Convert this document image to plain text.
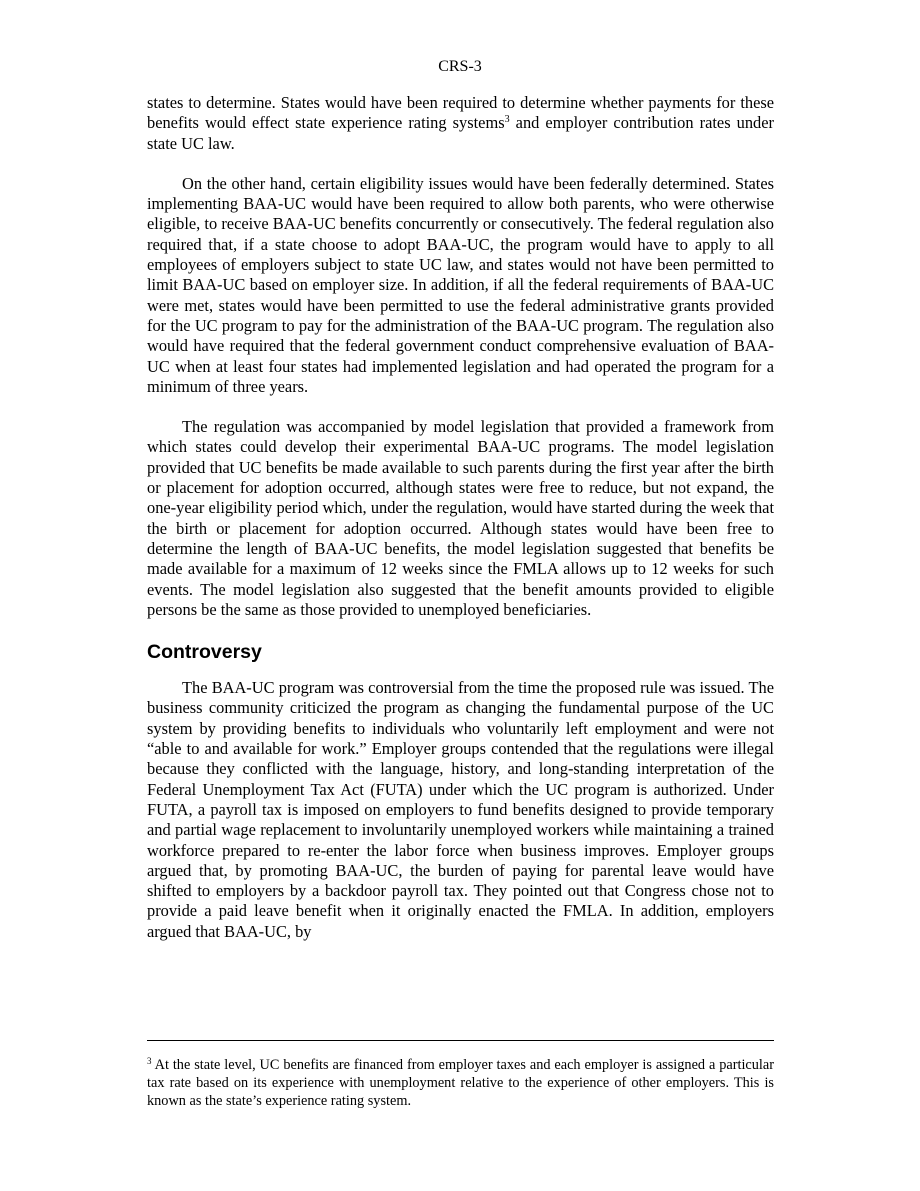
CRS-3

states to determine. States would have been required to determine whether payments for these benefits would effect state experience rating systems$^3$ and employer contribution rates under state UC law.

On the other hand, certain eligibility issues would have been federally determined. States implementing BAA-UC would have been required to allow both parents, who were otherwise eligible, to receive BAA-UC benefits concurrently or consecutively. The federal regulation also required that, if a state choose to adopt BAA-UC, the program would have to apply to all employees of employers subject to state UC law, and states would not have been permitted to limit BAA-UC based on employer size. In addition, if all the federal requirements of BAA-UC were met, states would have been permitted to use the federal administrative grants provided for the UC program to pay for the administration of the BAA-UC program. The regulation also would have required that the federal government conduct comprehensive evaluation of BAA-UC when at least four states had implemented legislation and had operated the program for a minimum of three years.

The regulation was accompanied by model legislation that provided a framework from which states could develop their experimental BAA-UC programs. The model legislation provided that UC benefits be made available to such parents during the first year after the birth or placement for adoption occurred, although states were free to reduce, but not expand, the one-year eligibility period which, under the regulation, would have started during the week that the birth or placement for adoption occurred. Although states would have been free to determine the length of BAA-UC benefits, the model legislation suggested that benefits be made available for a maximum of 12 weeks since the FMLA allows up to 12 weeks for such events. The model legislation also suggested that the benefit amounts provided to eligible persons be the same as those provided to unemployed beneficiaries.

Controversy

The BAA-UC program was controversial from the time the proposed rule was issued. The business community criticized the program as changing the fundamental purpose of the UC system by providing benefits to individuals who voluntarily left employment and were not “able to and available for work.” Employer groups contended that the regulations were illegal because they conflicted with the language, history, and long-standing interpretation of the Federal Unemployment Tax Act (FUTA) under which the UC program is authorized. Under FUTA, a payroll tax is imposed on employers to fund benefits designed to provide temporary and partial wage replacement to involuntarily unemployed workers while maintaining a trained workforce prepared to re-enter the labor force when business improves. Employer groups argued that, by promoting BAA-UC, the burden of paying for parental leave would have shifted to employers by a backdoor payroll tax. They pointed out that Congress chose not to provide a paid leave benefit when it originally enacted the FMLA. In addition, employers argued that BAA-UC, by

$^3$ At the state level, UC benefits are financed from employer taxes and each employer is assigned a particular tax rate based on its experience with unemployment relative to the experience of other employers. This is known as the state’s experience rating system.
